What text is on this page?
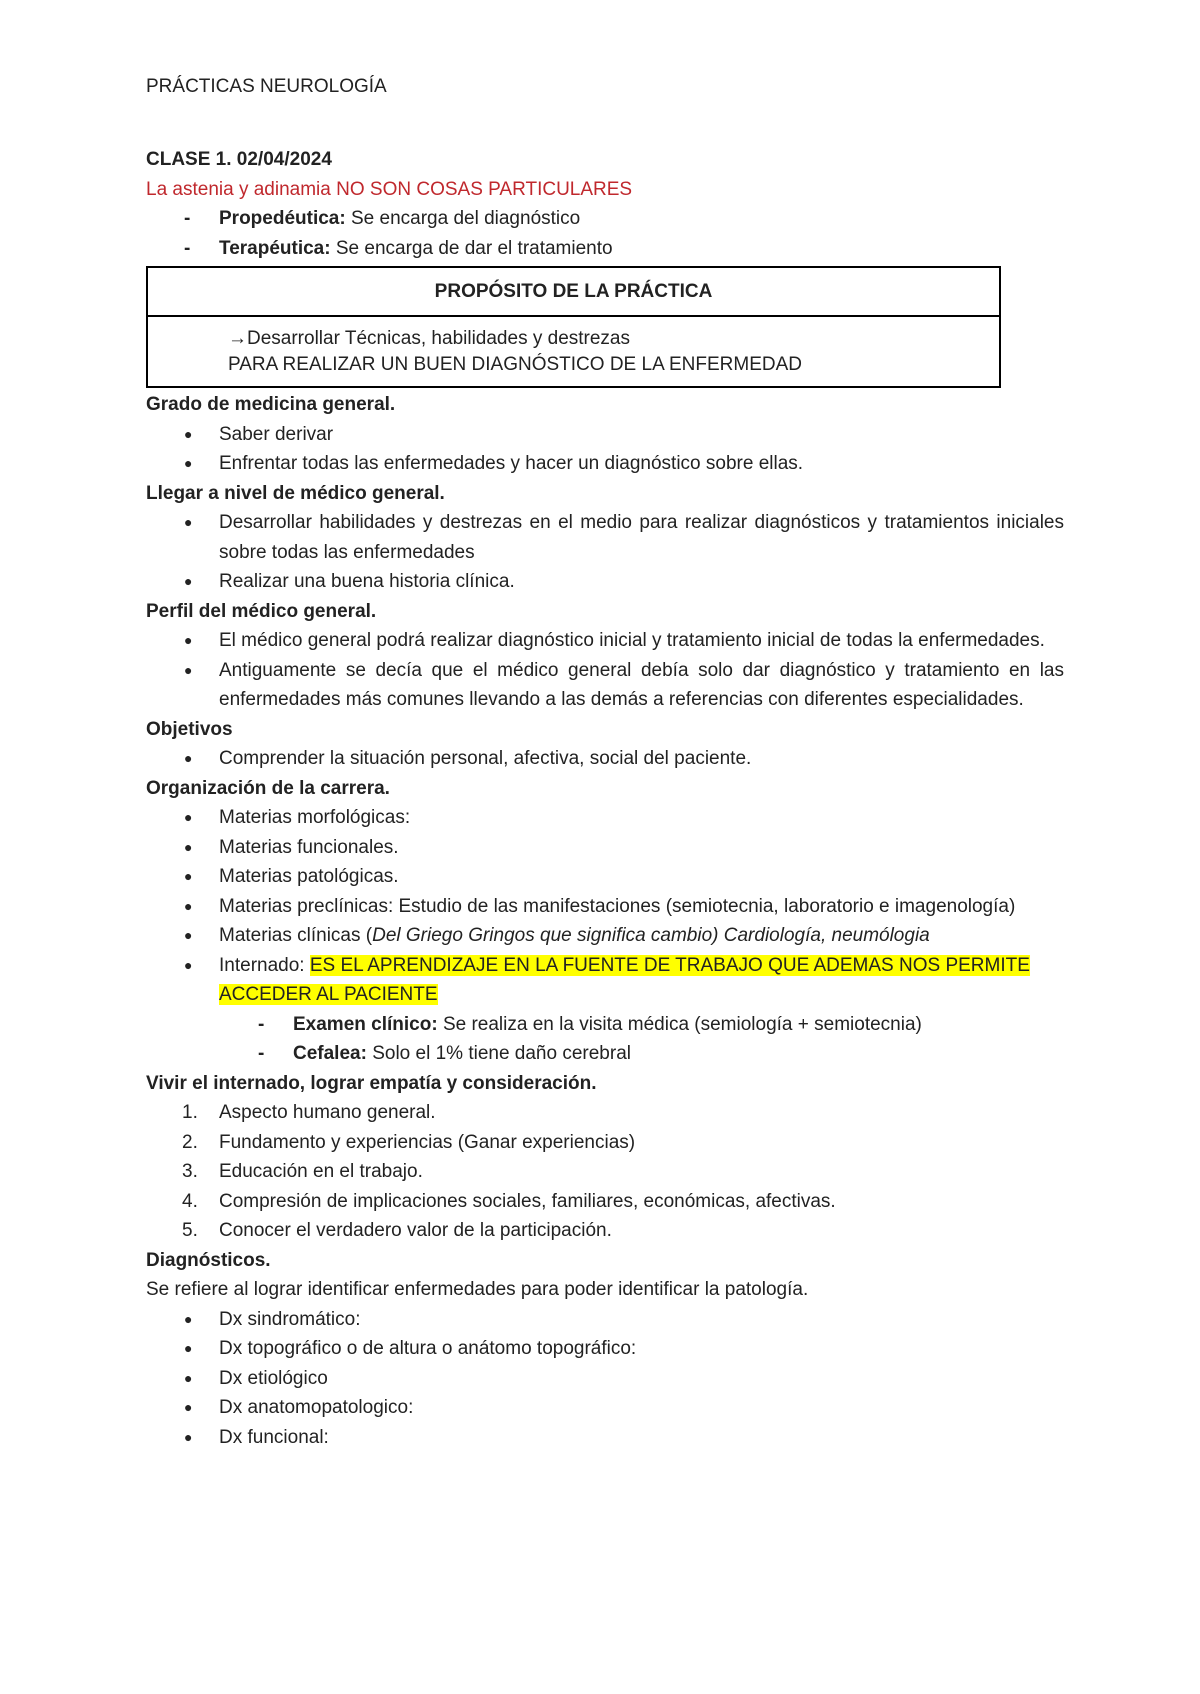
PRÁCTICAS NEUROLOGÍA
CLASE 1. 02/04/2024
La astenia y adinamia NO SON COSAS PARTICULARES
- Propedéutica: Se encarga del diagnóstico
- Terapéutica: Se encarga de dar el tratamiento
PROPÓSITO DE LA PRÁCTICA
→Desarrollar Técnicas, habilidades y destrezas
PARA REALIZAR UN BUEN DIAGNÓSTICO DE LA ENFERMEDAD
Grado de medicina general.
● Saber derivar
● Enfrentar todas las enfermedades y hacer un diagnóstico sobre ellas.
Llegar a nivel de médico general.
● Desarrollar habilidades y destrezas en el medio para realizar diagnósticos y tratamientos iniciales sobre todas las enfermedades
● Realizar una buena historia clínica.
Perfil del médico general.
● El médico general podrá realizar diagnóstico inicial y tratamiento inicial de todas la enfermedades.
● Antiguamente se decía que el médico general debía solo dar diagnóstico y tratamiento en las enfermedades más comunes llevando a las demás a referencias con diferentes especialidades.
Objetivos
● Comprender la situación personal, afectiva, social del paciente.
Organización de la carrera.
● Materias morfológicas:
● Materias funcionales.
● Materias patológicas.
● Materias preclínicas: Estudio de las manifestaciones (semiotecnia, laboratorio e imagenología)
● Materias clínicas (Del Griego Gringos que significa cambio) Cardiología, neumólogia
● Internado: ES EL APRENDIZAJE EN LA FUENTE DE TRABAJO QUE ADEMAS NOS PERMITE ACCEDER AL PACIENTE
- Examen clínico: Se realiza en la visita médica (semiología + semiotecnia)
- Cefalea: Solo el 1% tiene daño cerebral
Vivir el internado, lograr empatía y consideración.
1. Aspecto humano general.
2. Fundamento y experiencias (Ganar experiencias)
3. Educación en el trabajo.
4. Compresión de implicaciones sociales, familiares, económicas, afectivas.
5. Conocer el verdadero valor de la participación.
Diagnósticos.
Se refiere al lograr identificar enfermedades para poder identificar la patología.
● Dx sindromático:
● Dx topográfico o de altura o anátomo topográfico:
● Dx etiológico
● Dx anatomopatologico:
● Dx funcional:
